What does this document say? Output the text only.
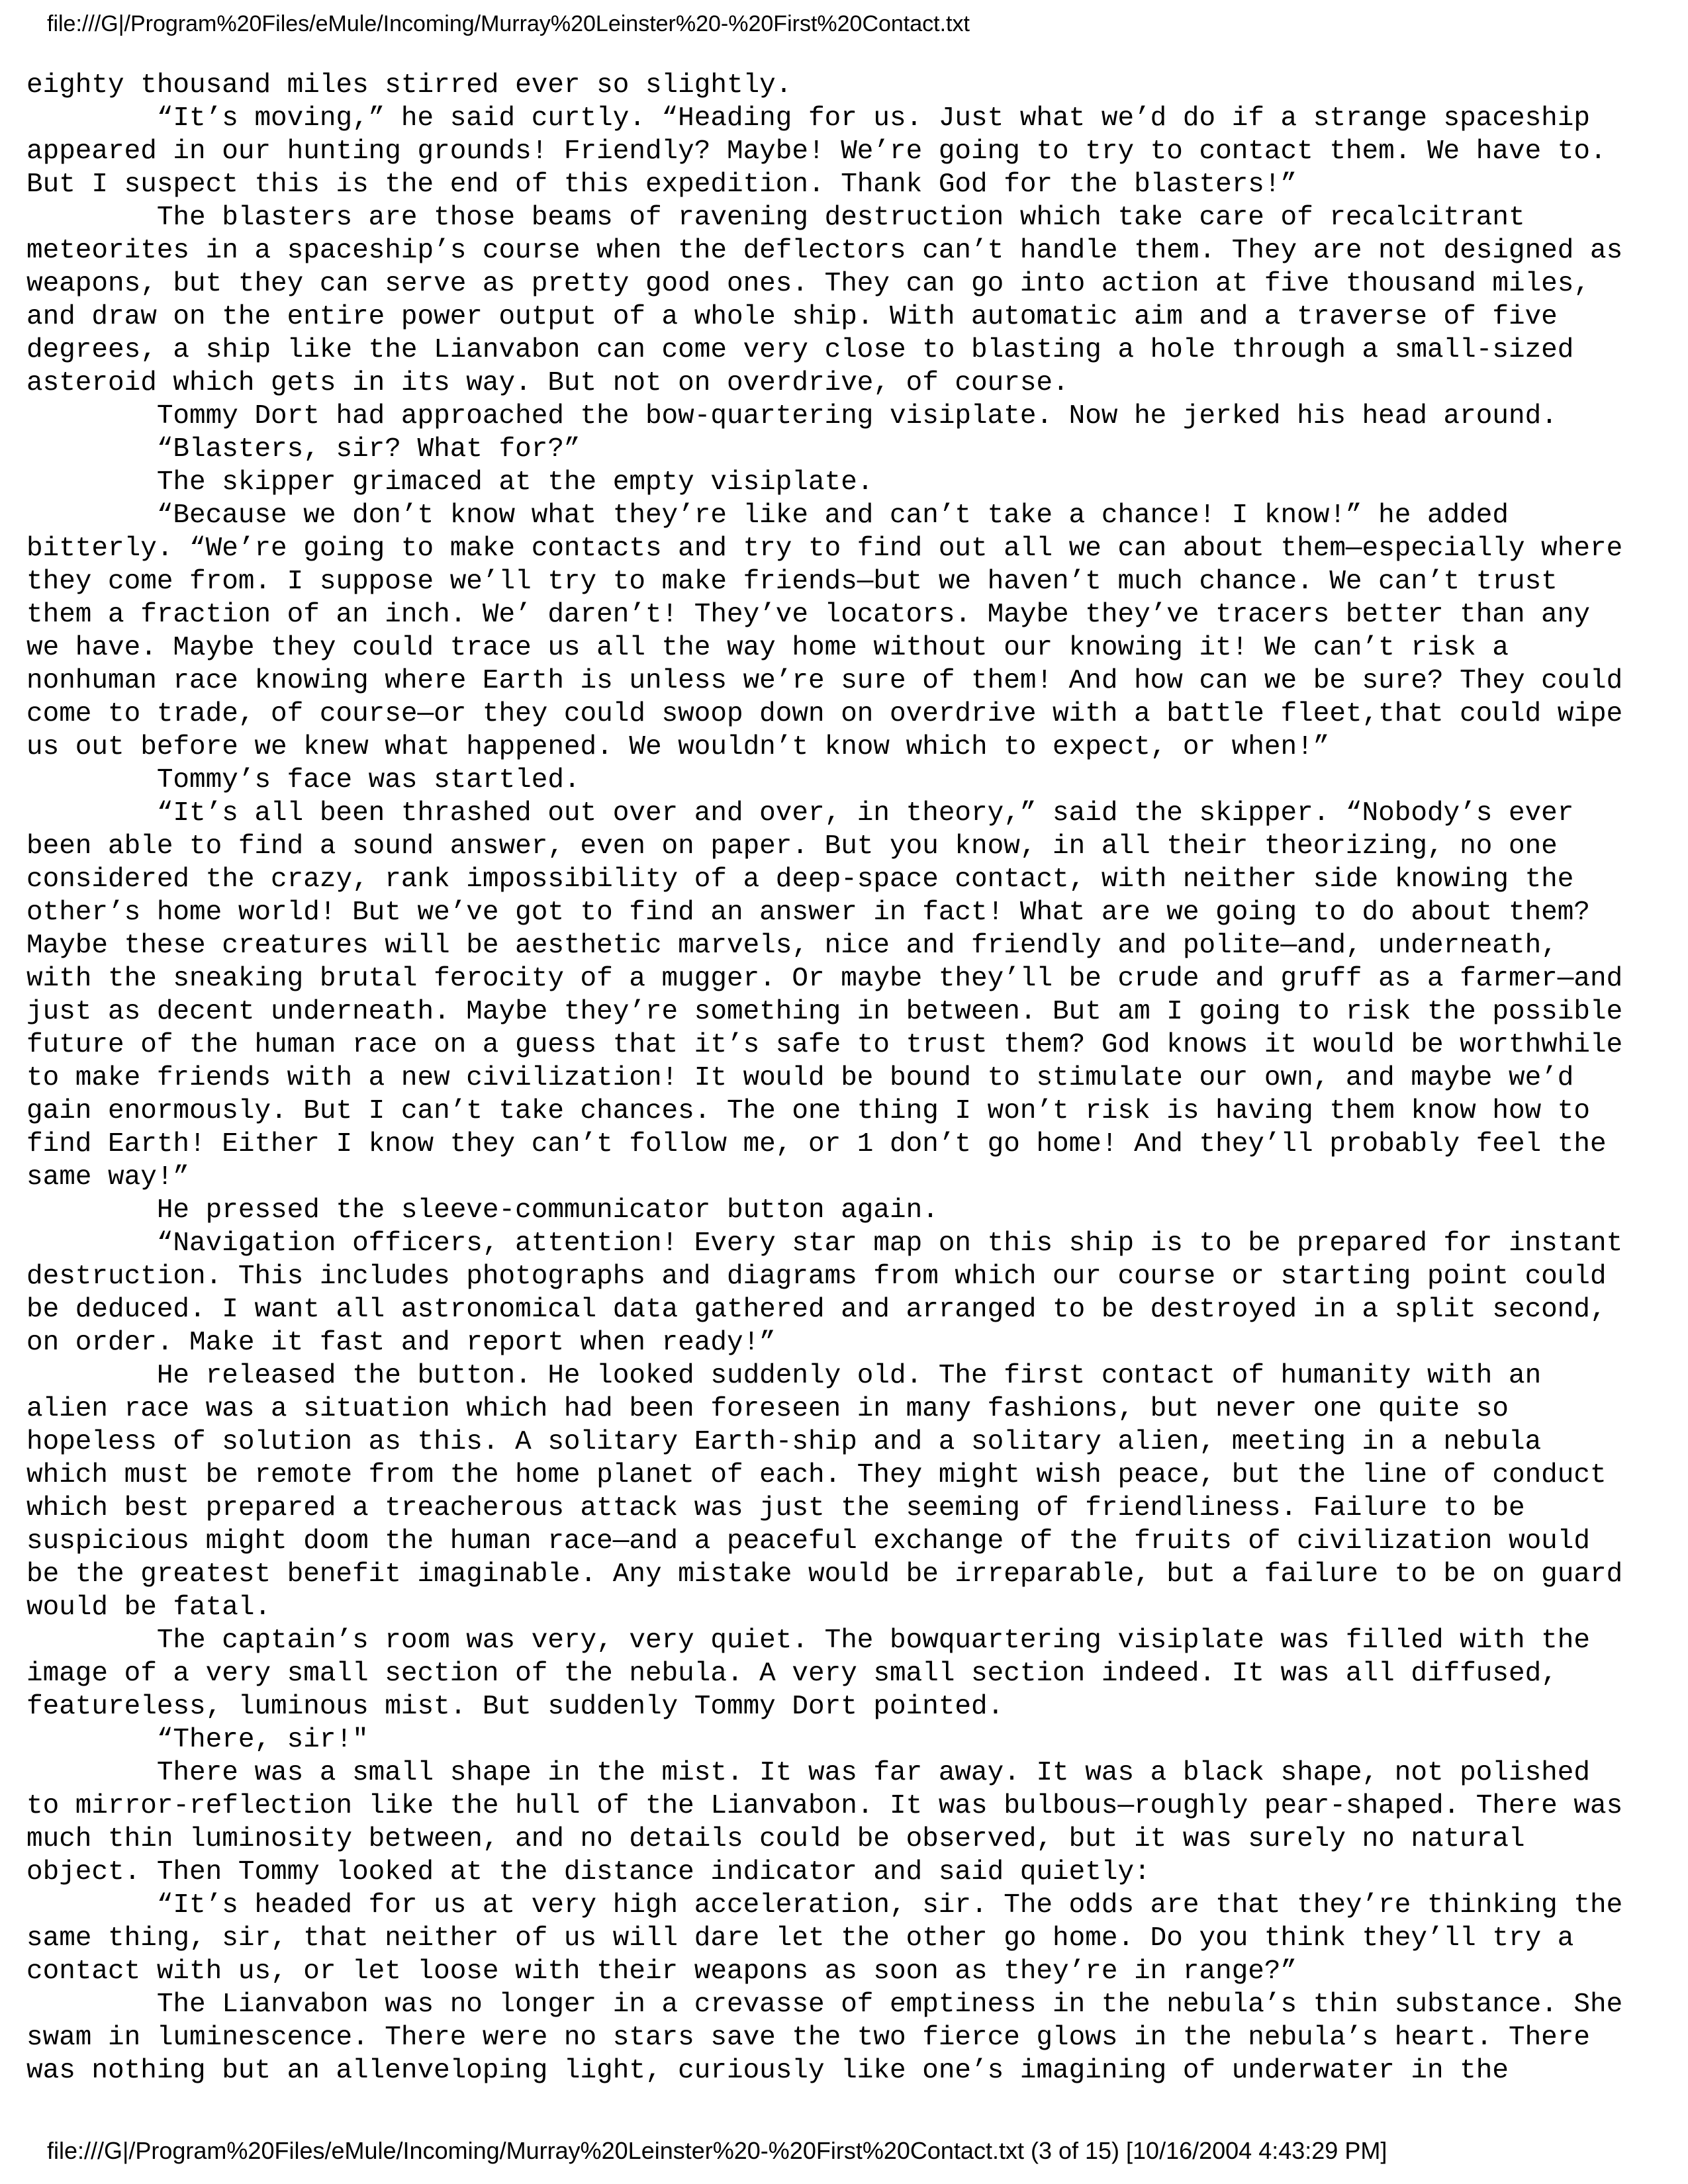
file:///G|/Program%20Files/eMule/Incoming/Murray%20Leinster%20-%20First%20Contact.txt
eighty thousand miles stirred ever so slightly.
“It’s moving,” he said curtly. “Heading for us. Just what we’d do if a strange spaceship
appeared in our hunting grounds! Friendly? Maybe! We’re going to try to contact them. We have to.
But I suspect this is the end of this expedition. Thank God for the blasters!”
The blasters are those beams of ravening destruction which take care of recalcitrant
meteorites in a spaceship’s course when the deflectors can’t handle them. They are not designed as
weapons, but they can serve as pretty good ones. They can go into action at five thousand miles,
and draw on the entire power output of a whole ship. With automatic aim and a traverse of five
degrees, a ship like the Lianvabon can come very close to blasting a hole through a small-sized
asteroid which gets in its way. But not on overdrive, of course.
Tommy Dort had approached the bow-quartering visiplate. Now he jerked his head around.
“Blasters, sir? What for?”
The skipper grimaced at the empty visiplate.
“Because we don’t know what they’re like and can’t take a chance! I know!” he added
bitterly. “We’re going to make contacts and try to find out all we can about them—especially where
they come from. I suppose we’ll try to make friends—but we haven’t much chance. We can’t trust
them a fraction of an inch. We’ daren’t! They’ve locators. Maybe they’ve tracers better than any
we have. Maybe they could trace us all the way home without our knowing it! We can’t risk a
nonhuman race knowing where Earth is unless we’re sure of them! And how can we be sure? They could
come to trade, of course—or they could swoop down on overdrive with a battle fleet,that could wipe
us out before we knew what happened. We wouldn’t know which to expect, or when!”
Tommy’s face was startled.
“It’s all been thrashed out over and over, in theory,” said the skipper. “Nobody’s ever
been able to find a sound answer, even on paper. But you know, in all their theorizing, no one
considered the crazy, rank impossibility of a deep-space contact, with neither side knowing the
other’s home world! But we’ve got to find an answer in fact! What are we going to do about them?
Maybe these creatures will be aesthetic marvels, nice and friendly and polite—and, underneath,
with the sneaking brutal ferocity of a mugger. Or maybe they’ll be crude and gruff as a farmer—and
just as decent underneath. Maybe they’re something in between. But am I going to risk the possible
future of the human race on a guess that it’s safe to trust them? God knows it would be worthwhile
to make friends with a new civilization! It would be bound to stimulate our own, and maybe we’d
gain enormously. But I can’t take chances. The one thing I won’t risk is having them know how to
find Earth! Either I know they can’t follow me, or 1 don’t go home! And they’ll probably feel the
same way!”
He pressed the sleeve-communicator button again.
“Navigation officers, attention! Every star map on this ship is to be prepared for instant
destruction. This includes photographs and diagrams from which our course or starting point could
be deduced. I want all astronomical data gathered and arranged to be destroyed in a split second,
on order. Make it fast and report when ready!”
He released the button. He looked suddenly old. The first contact of humanity with an
alien race was a situation which had been foreseen in many fashions, but never one quite so
hopeless of solution as this. A solitary Earth-ship and a solitary alien, meeting in a nebula
which must be remote from the home planet of each. They might wish peace, but the line of conduct
which best prepared a treacherous attack was just the seeming of friendliness. Failure to be
suspicious might doom the human race—and a peaceful exchange of the fruits of civilization would
be the greatest benefit imaginable. Any mistake would be irreparable, but a failure to be on guard
would be fatal.
The captain’s room was very, very quiet. The bowquartering visiplate was filled with the
image of a very small section of the nebula. A very small section indeed. It was all diffused,
featureless, luminous mist. But suddenly Tommy Dort pointed.
“There, sir!"
There was a small shape in the mist. It was far away. It was a black shape, not polished
to mirror-reflection like the hull of the Lianvabon. It was bulbous—roughly pear-shaped. There was
much thin luminosity between, and no details could be observed, but it was surely no natural
object. Then Tommy looked at the distance indicator and said quietly:
“It’s headed for us at very high acceleration, sir. The odds are that they’re thinking the
same thing, sir, that neither of us will dare let the other go home. Do you think they’ll try a
contact with us, or let loose with their weapons as soon as they’re in range?”
The Lianvabon was no longer in a crevasse of emptiness in the nebula’s thin substance. She
swam in luminescence. There were no stars save the two fierce glows in the nebula’s heart. There
was nothing but an allenveloping light, curiously like one’s imagining of underwater in the
file:///G|/Program%20Files/eMule/Incoming/Murray%20Leinster%20-%20First%20Contact.txt (3 of 15) [10/16/2004 4:43:29 PM]
